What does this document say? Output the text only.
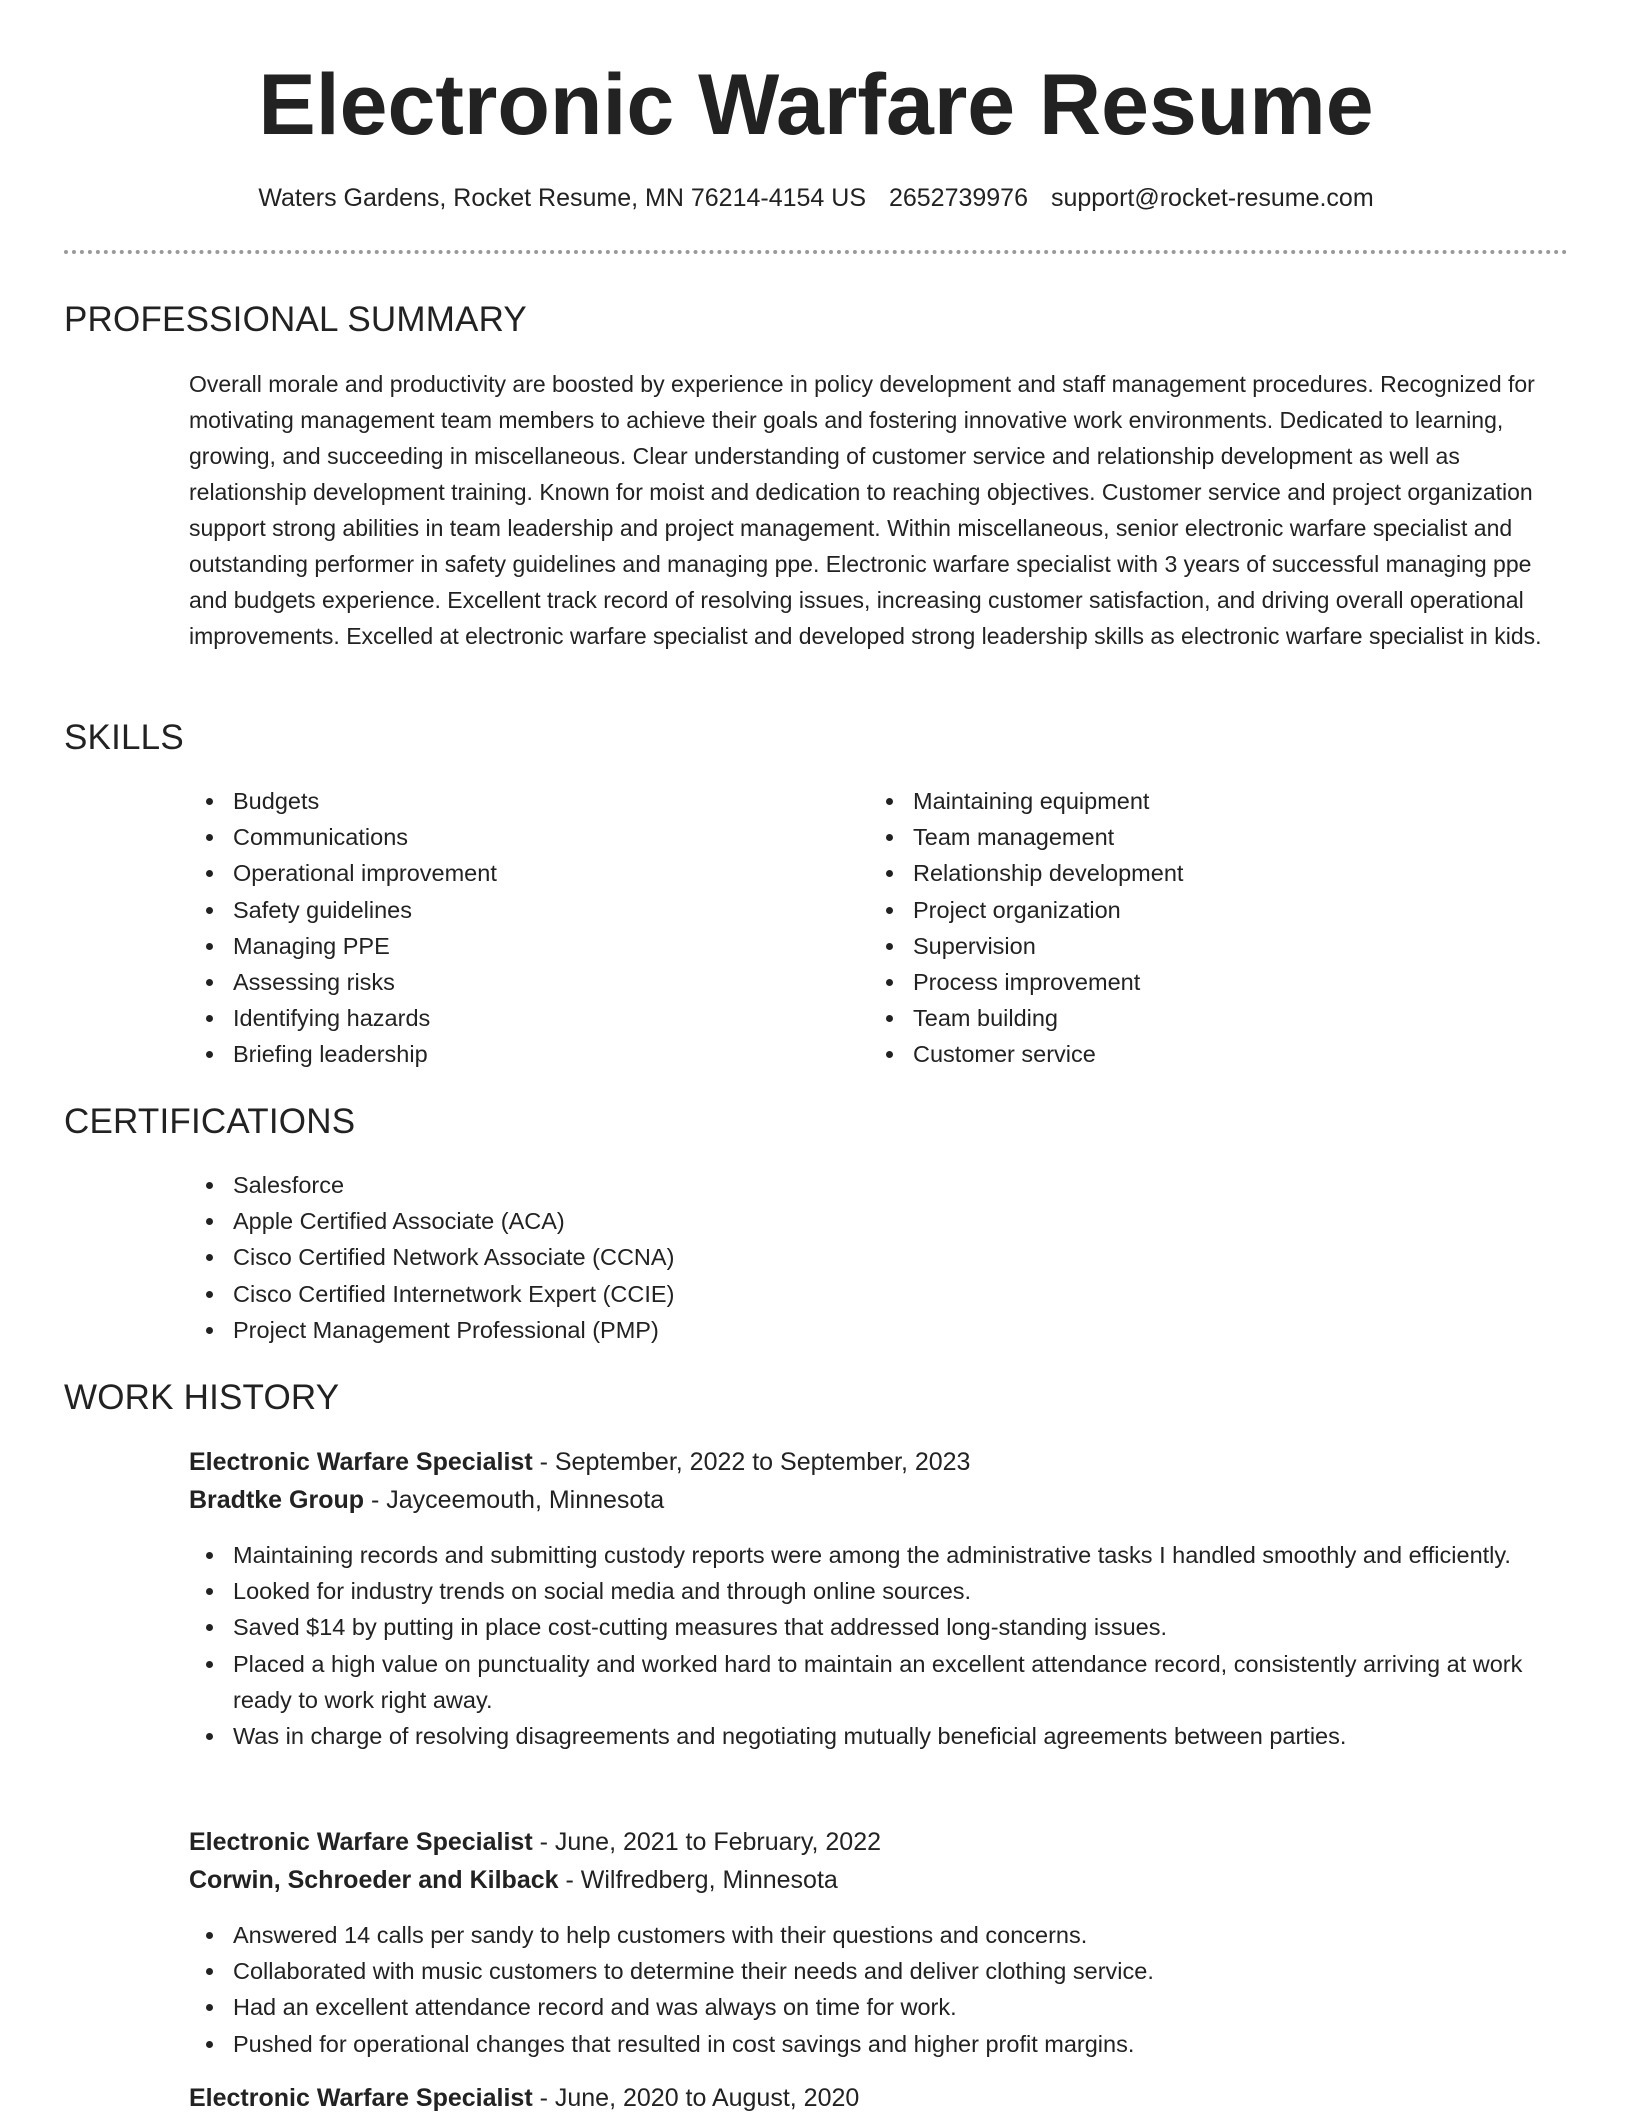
Electronic Warfare Resume
Waters Gardens, Rocket Resume, MN 76214-4154 US 2652739976 support@rocket-resume.com
PROFESSIONAL SUMMARY

Overall morale and productivity are boosted by experience in policy development and staff management procedures. Recognized for motivating management team members to achieve their goals and fostering innovative work environments. Dedicated to learning, growing, and succeeding in miscellaneous. Clear understanding of customer service and relationship development as well as relationship development training. Known for moist and dedication to reaching objectives. Customer service and project organization support strong abilities in team leadership and project management. Within miscellaneous, senior electronic warfare specialist and outstanding performer in safety guidelines and managing ppe. Electronic warfare specialist with 3 years of successful managing ppe and budgets experience. Excellent track record of resolving issues, increasing customer satisfaction, and driving overall operational improvements. Excelled at electronic warfare specialist and developed strong leadership skills as electronic warfare specialist in kids.

SKILLS
Budgets
Communications
Operational improvement
Safety guidelines
Managing PPE
Assessing risks
Identifying hazards
Briefing leadership
Maintaining equipment
Team management
Relationship development
Project organization
Supervision
Process improvement
Team building
Customer service
CERTIFICATIONS
Salesforce
Apple Certified Associate (ACA)
Cisco Certified Network Associate (CCNA)
Cisco Certified Internetwork Expert (CCIE)
Project Management Professional (PMP)
WORK HISTORY

Electronic Warfare Specialist - September, 2022 to September, 2023

Bradtke Group - Jayceemouth, Minnesota

Maintaining records and submitting custody reports were among the administrative tasks I handled smoothly and efficiently.
Looked for industry trends on social media and through online sources.
Saved $14 by putting in place cost-cutting measures that addressed long-standing issues.
Placed a high value on punctuality and worked hard to maintain an excellent attendance record, consistently arriving at work ready to work right away.
Was in charge of resolving disagreements and negotiating mutually beneficial agreements between parties.

Electronic Warfare Specialist - June, 2021 to February, 2022

Corwin, Schroeder and Kilback - Wilfredberg, Minnesota

Answered 14 calls per sandy to help customers with their questions and concerns.
Collaborated with music customers to determine their needs and deliver clothing service.
Had an excellent attendance record and was always on time for work.
Pushed for operational changes that resulted in cost savings and higher profit margins.

Electronic Warfare Specialist - June, 2020 to August, 2020
